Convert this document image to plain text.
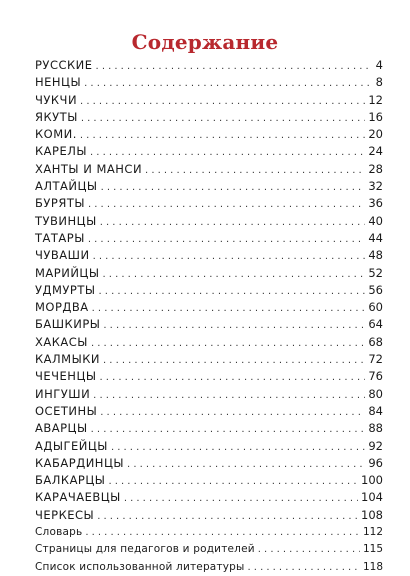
Содержание
РУССКИЕ .....	4
НЕНЦЫ .....	8
ЧУКЧИ .....	12
ЯКУТЫ .....	16
КОМИ. .....	20
КАРЕЛЫ .....	24
ХАНТЫ И МАНСИ .....	28
АЛТАЙЦЫ .....	32
БУРЯТЫ .....	36
ТУВИНЦЫ .....	40
ТАТАРЫ .....	44
ЧУВАШИ .....	48
МАРИЙЦЫ .....	52
УДМУРТЫ .....	56
МОРДВА .....	60
БАШКИРЫ .....	64
ХАКАСЫ .....	68
КАЛМЫКИ .....	72
ЧЕЧЕНЦЫ .....	76
ИНГУШИ .....	80
ОСЕТИНЫ .....	84
АВАРЦЫ .....	88
АДЫГЕЙЦЫ .....	92
КАБАРДИНЦЫ .....	96
БАЛКАРЦЫ .....	100
КАРАЧАЕВЦЫ .....	104
ЧЕРКЕСЫ .....	108
Словарь .....	112
Страницы для педагогов и родителей .....	115
Список использованной литературы .....	118
